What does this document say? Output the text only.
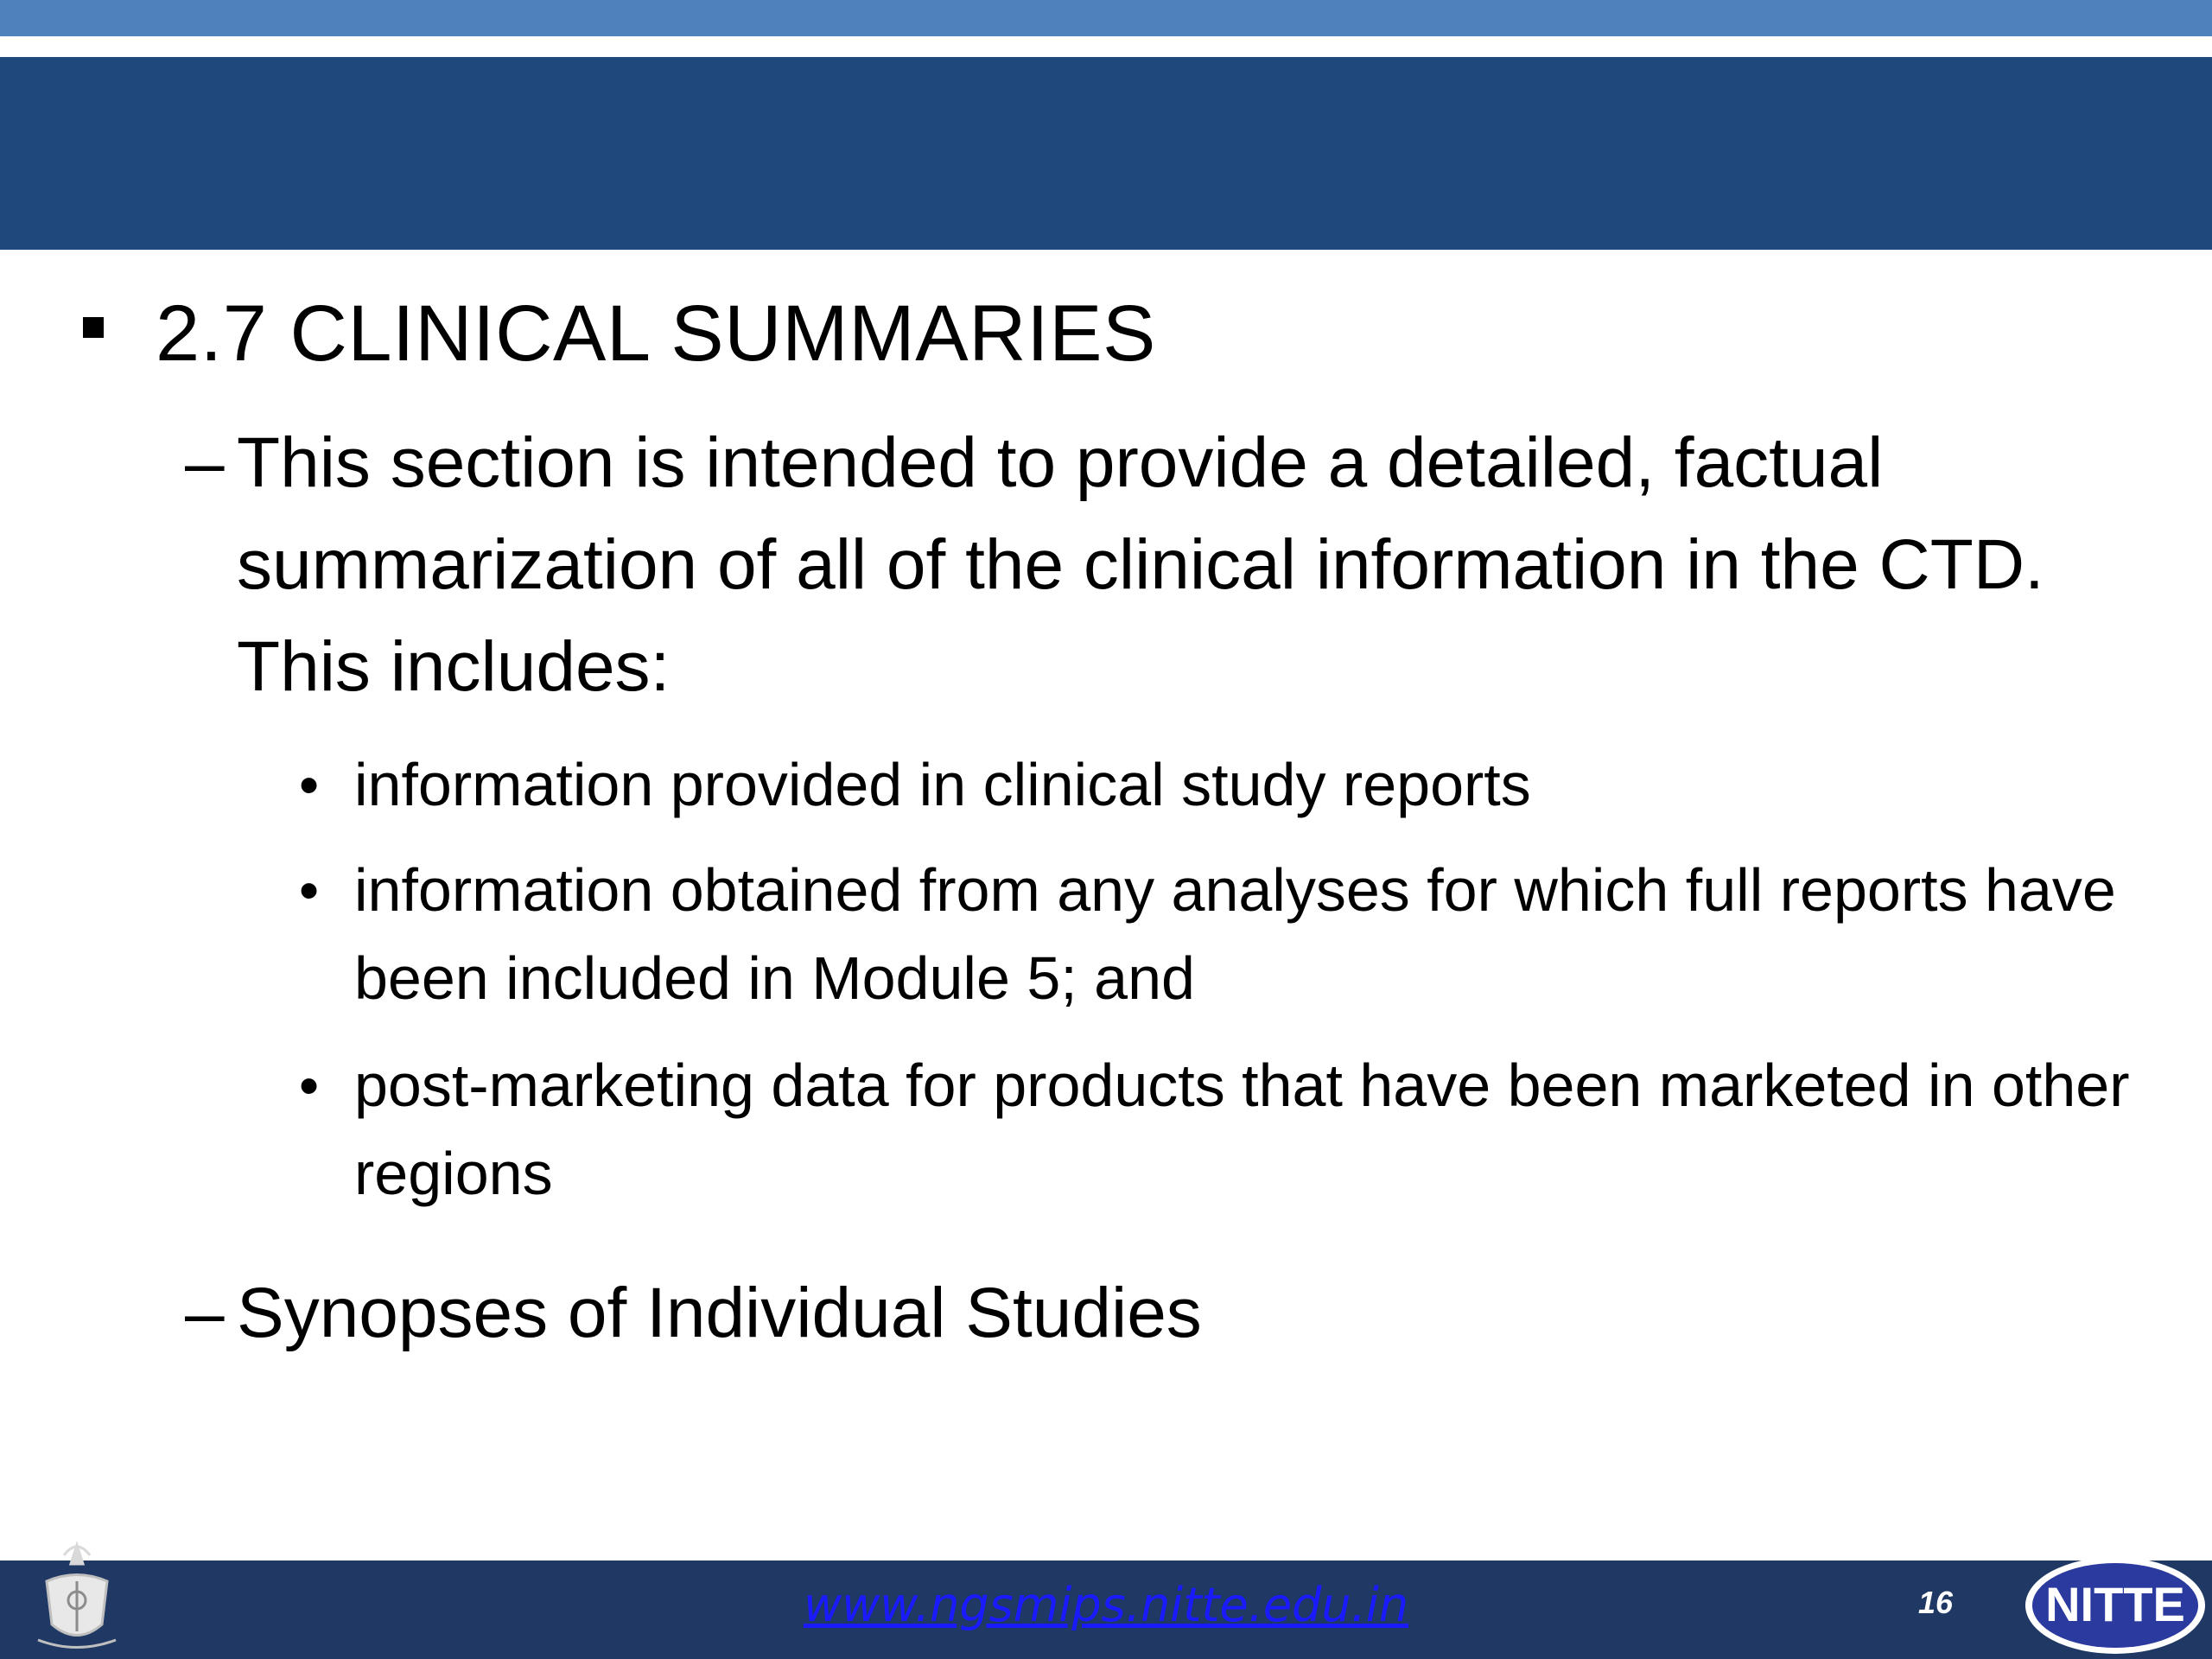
2.7 CLINICAL SUMMARIES
– This section is intended to provide a detailed, factual summarization of all of the clinical information in the CTD. This includes:
• information provided in clinical study reports
• information obtained from any analyses for which full reports have been included in Module 5; and
• post-marketing data for products that have been marketed in other regions
– Synopses of Individual Studies
www.ngsmips.nitte.edu.in	16	NITTE
